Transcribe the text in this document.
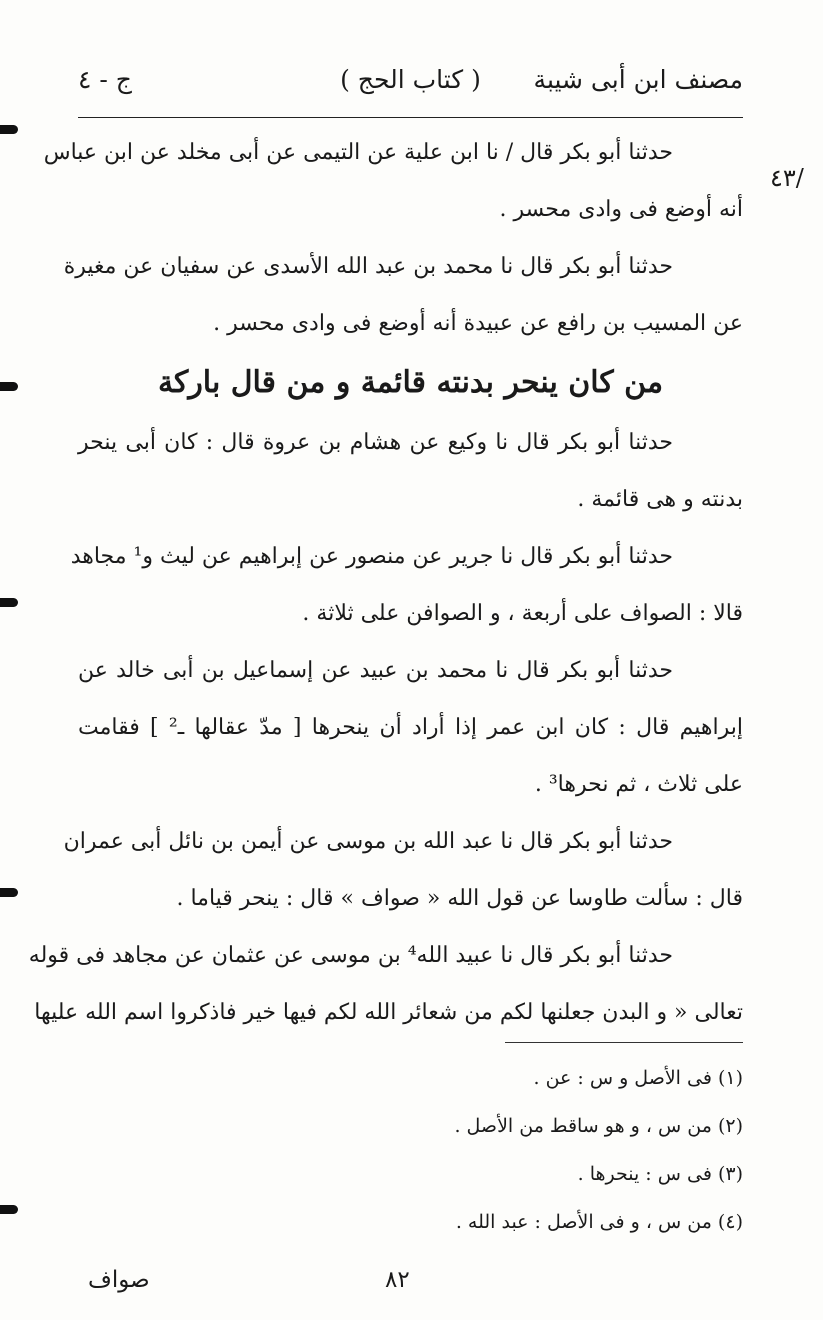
مصنف ابن أبى شيبة
( كتاب الحج )
ج - ٤
/٤٣
حدثنا أبو بكر قال / نا ابن علية عن التيمى عن أبى مخلد عن ابن عباس
أنه أوضع فى وادى محسر .
حدثنا أبو بكر قال نا محمد بن عبد الله الأسدى عن سفيان عن مغيرة
عن المسيب بن رافع عن عبيدة أنه أوضع فى وادى محسر .
من كان ينحر بدنته قائمة و من قال باركة
حدثنا أبو بكر قال نا وكيع عن هشام بن عروة قال : كان أبى ينحر
بدنته و هى قائمة .
حدثنا أبو بكر قال نا جرير عن منصور عن إبراهيم عن ليث و¹ مجاهد
قالا : الصواف على أربعة ، و الصوافن على ثلاثة .
حدثنا أبو بكر قال نا محمد بن عبيد عن إسماعيل بن أبى خالد عن
إبراهيم قال : كان ابن عمر إذا أراد أن ينحرها [ مدّ عقالها ـ² ] فقامت
على ثلاث ، ثم نحرها³ .
حدثنا أبو بكر قال نا عبد الله بن موسى عن أيمن بن نائل أبى عمران
قال : سألت طاوسا عن قول الله « صواف » قال : ينحر قياما .
حدثنا أبو بكر قال نا عبيد الله⁴ بن موسى عن عثمان عن مجاهد فى قوله
تعالى « و البدن جعلنها لكم من شعائر الله لكم فيها خير فاذكروا اسم الله عليها
(١) فى الأصل و س : عن .
(٢) من س ، و هو ساقط من الأصل .
(٣) فى س : ينحرها .
(٤) من س ، و فى الأصل : عبد الله .
صواف	٨٢
